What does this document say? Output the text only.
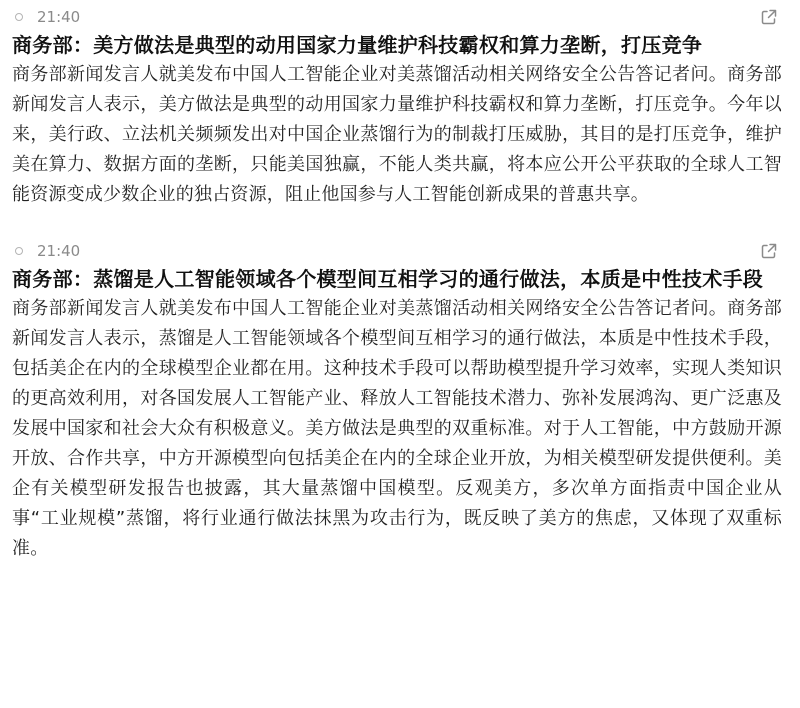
21:40
商务部：美方做法是典型的动用国家力量维护科技霸权和算力垄断，打压竞争

商务部新闻发言人就美发布中国人工智能企业对美蒸馏活动相关网络安全公告答记者问。商务部新闻发言人表示，美方做法是典型的动用国家力量维护科技霸权和算力垄断，打压竞争。今年以来，美行政、立法机关频频发出对中国企业蒸馏行为的制裁打压威胁，其目的是打压竞争，维护美在算力、数据方面的垄断，只能美国独赢，不能人类共赢，将本应公开公平获取的全球人工智能资源变成少数企业的独占资源，阻止他国参与人工智能创新成果的普惠共享。

21:40
商务部：蒸馏是人工智能领域各个模型间互相学习的通行做法，本质是中性技术手段

商务部新闻发言人就美发布中国人工智能企业对美蒸馏活动相关网络安全公告答记者问。商务部新闻发言人表示，蒸馏是人工智能领域各个模型间互相学习的通行做法，本质是中性技术手段，包括美企在内的全球模型企业都在用。这种技术手段可以帮助模型提升学习效率，实现人类知识的更高效利用，对各国发展人工智能产业、释放人工智能技术潜力、弥补发展鸿沟、更广泛惠及发展中国家和社会大众有积极意义。美方做法是典型的双重标准。对于人工智能，中方鼓励开源开放、合作共享，中方开源模型向包括美企在内的全球企业开放，为相关模型研发提供便利。美企有关模型研发报告也披露，其大量蒸馏中国模型。反观美方，多次单方面指责中国企业从事“工业规模”蒸馏，将行业通行做法抹黑为攻击行为，既反映了美方的焦虑，又体现了双重标准。
